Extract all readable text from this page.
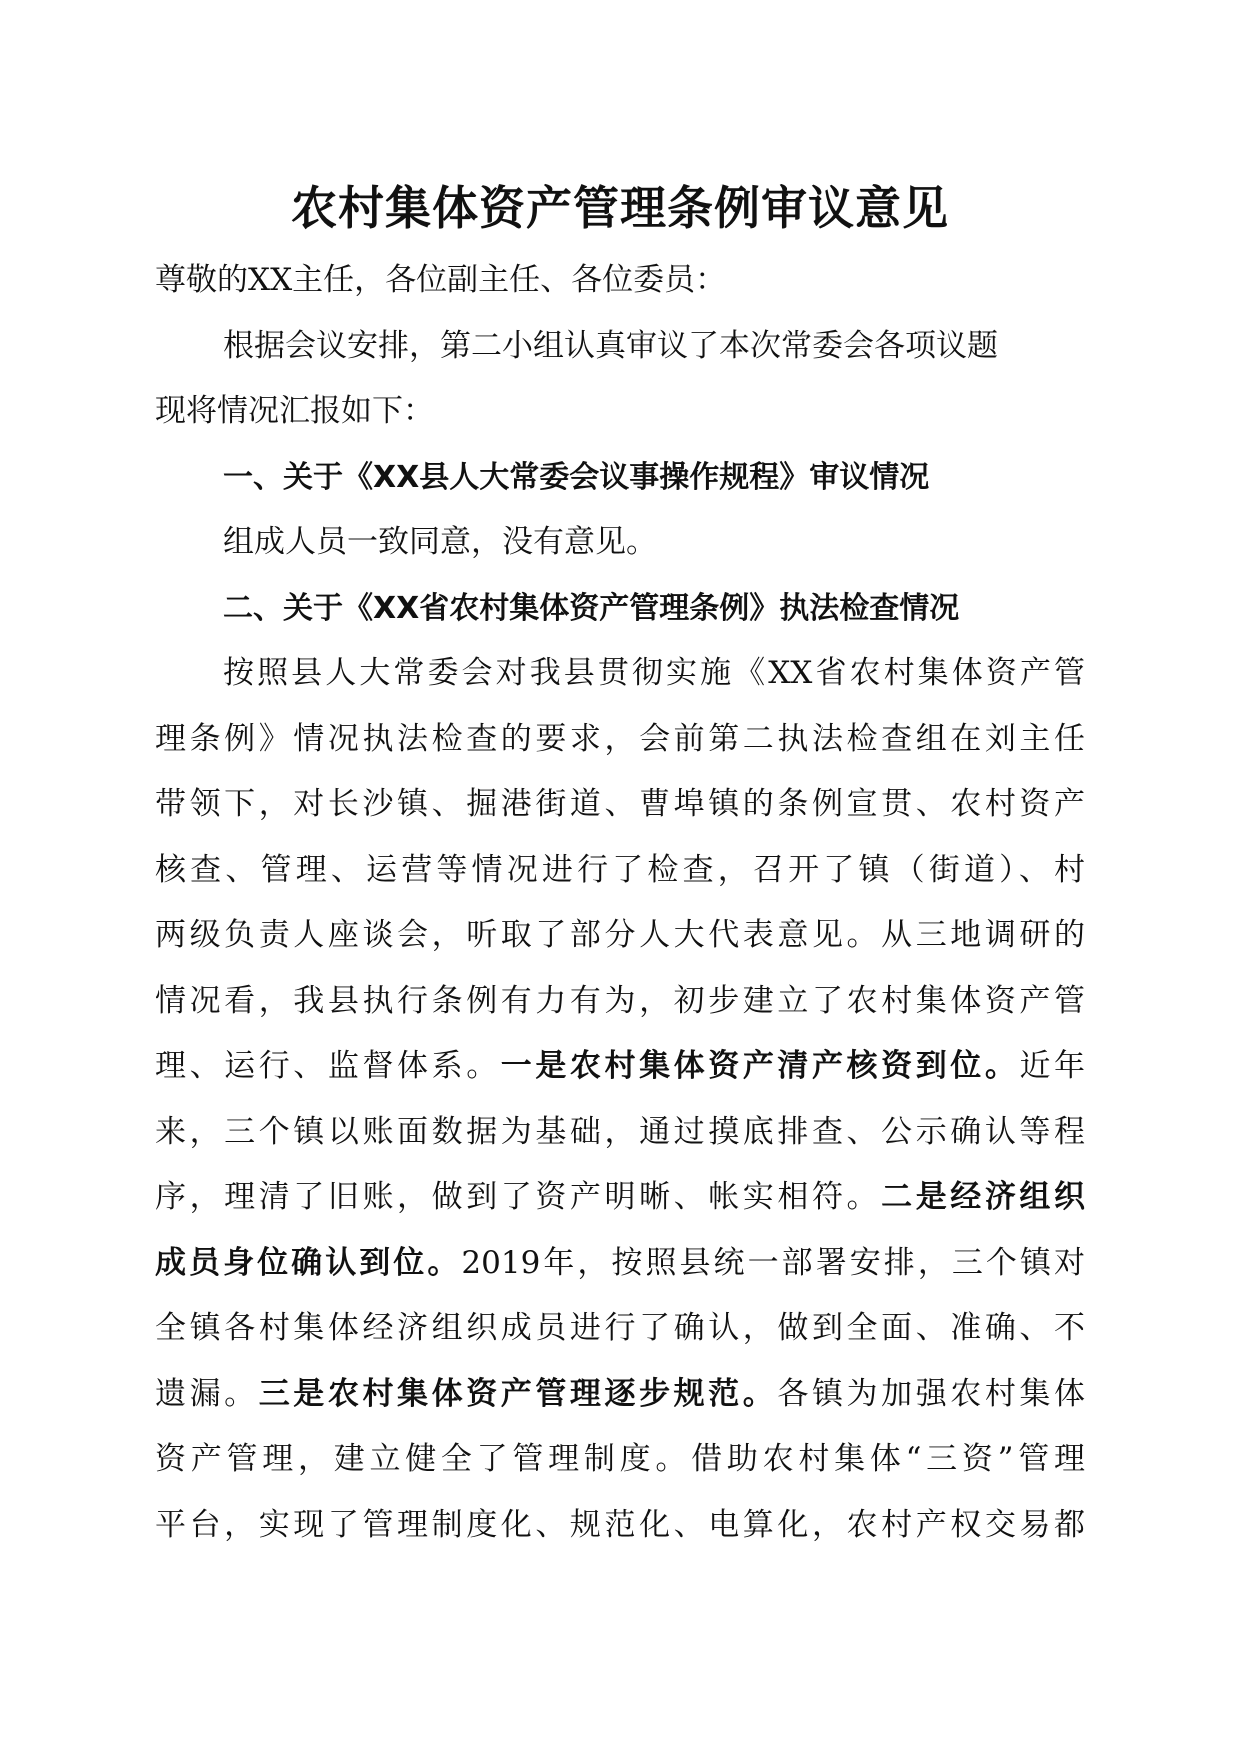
农村集体资产管理条例审议意见
尊敬的XX主任，各位副主任、各位委员：
根据会议安排，第二小组认真审议了本次常委会各项议题
现将情况汇报如下：
一、关于《XX县人大常委会议事操作规程》审议情况
组成人员一致同意，没有意见。
二、关于《XX省农村集体资产管理条例》执法检查情况
按照县人大常委会对我县贯彻实施《XX省农村集体资产管
理条例》情况执法检查的要求，会前第二执法检查组在刘主任
带领下，对长沙镇、掘港街道、曹埠镇的条例宣贯、农村资产
核查、管理、运营等情况进行了检查，召开了镇（街道）、村
两级负责人座谈会，听取了部分人大代表意见。从三地调研的
情况看，我县执行条例有力有为，初步建立了农村集体资产管
理、运行、监督体系。一是农村集体资产清产核资到位。近年
来，三个镇以账面数据为基础，通过摸底排查、公示确认等程
序，理清了旧账，做到了资产明晰、帐实相符。二是经济组织
成员身位确认到位。2019年，按照县统一部署安排，三个镇对
全镇各村集体经济组织成员进行了确认，做到全面、准确、不
遗漏。三是农村集体资产管理逐步规范。各镇为加强农村集体
资产管理，建立健全了管理制度。借助农村集体“三资”管理
平台，实现了管理制度化、规范化、电算化，农村产权交易都
